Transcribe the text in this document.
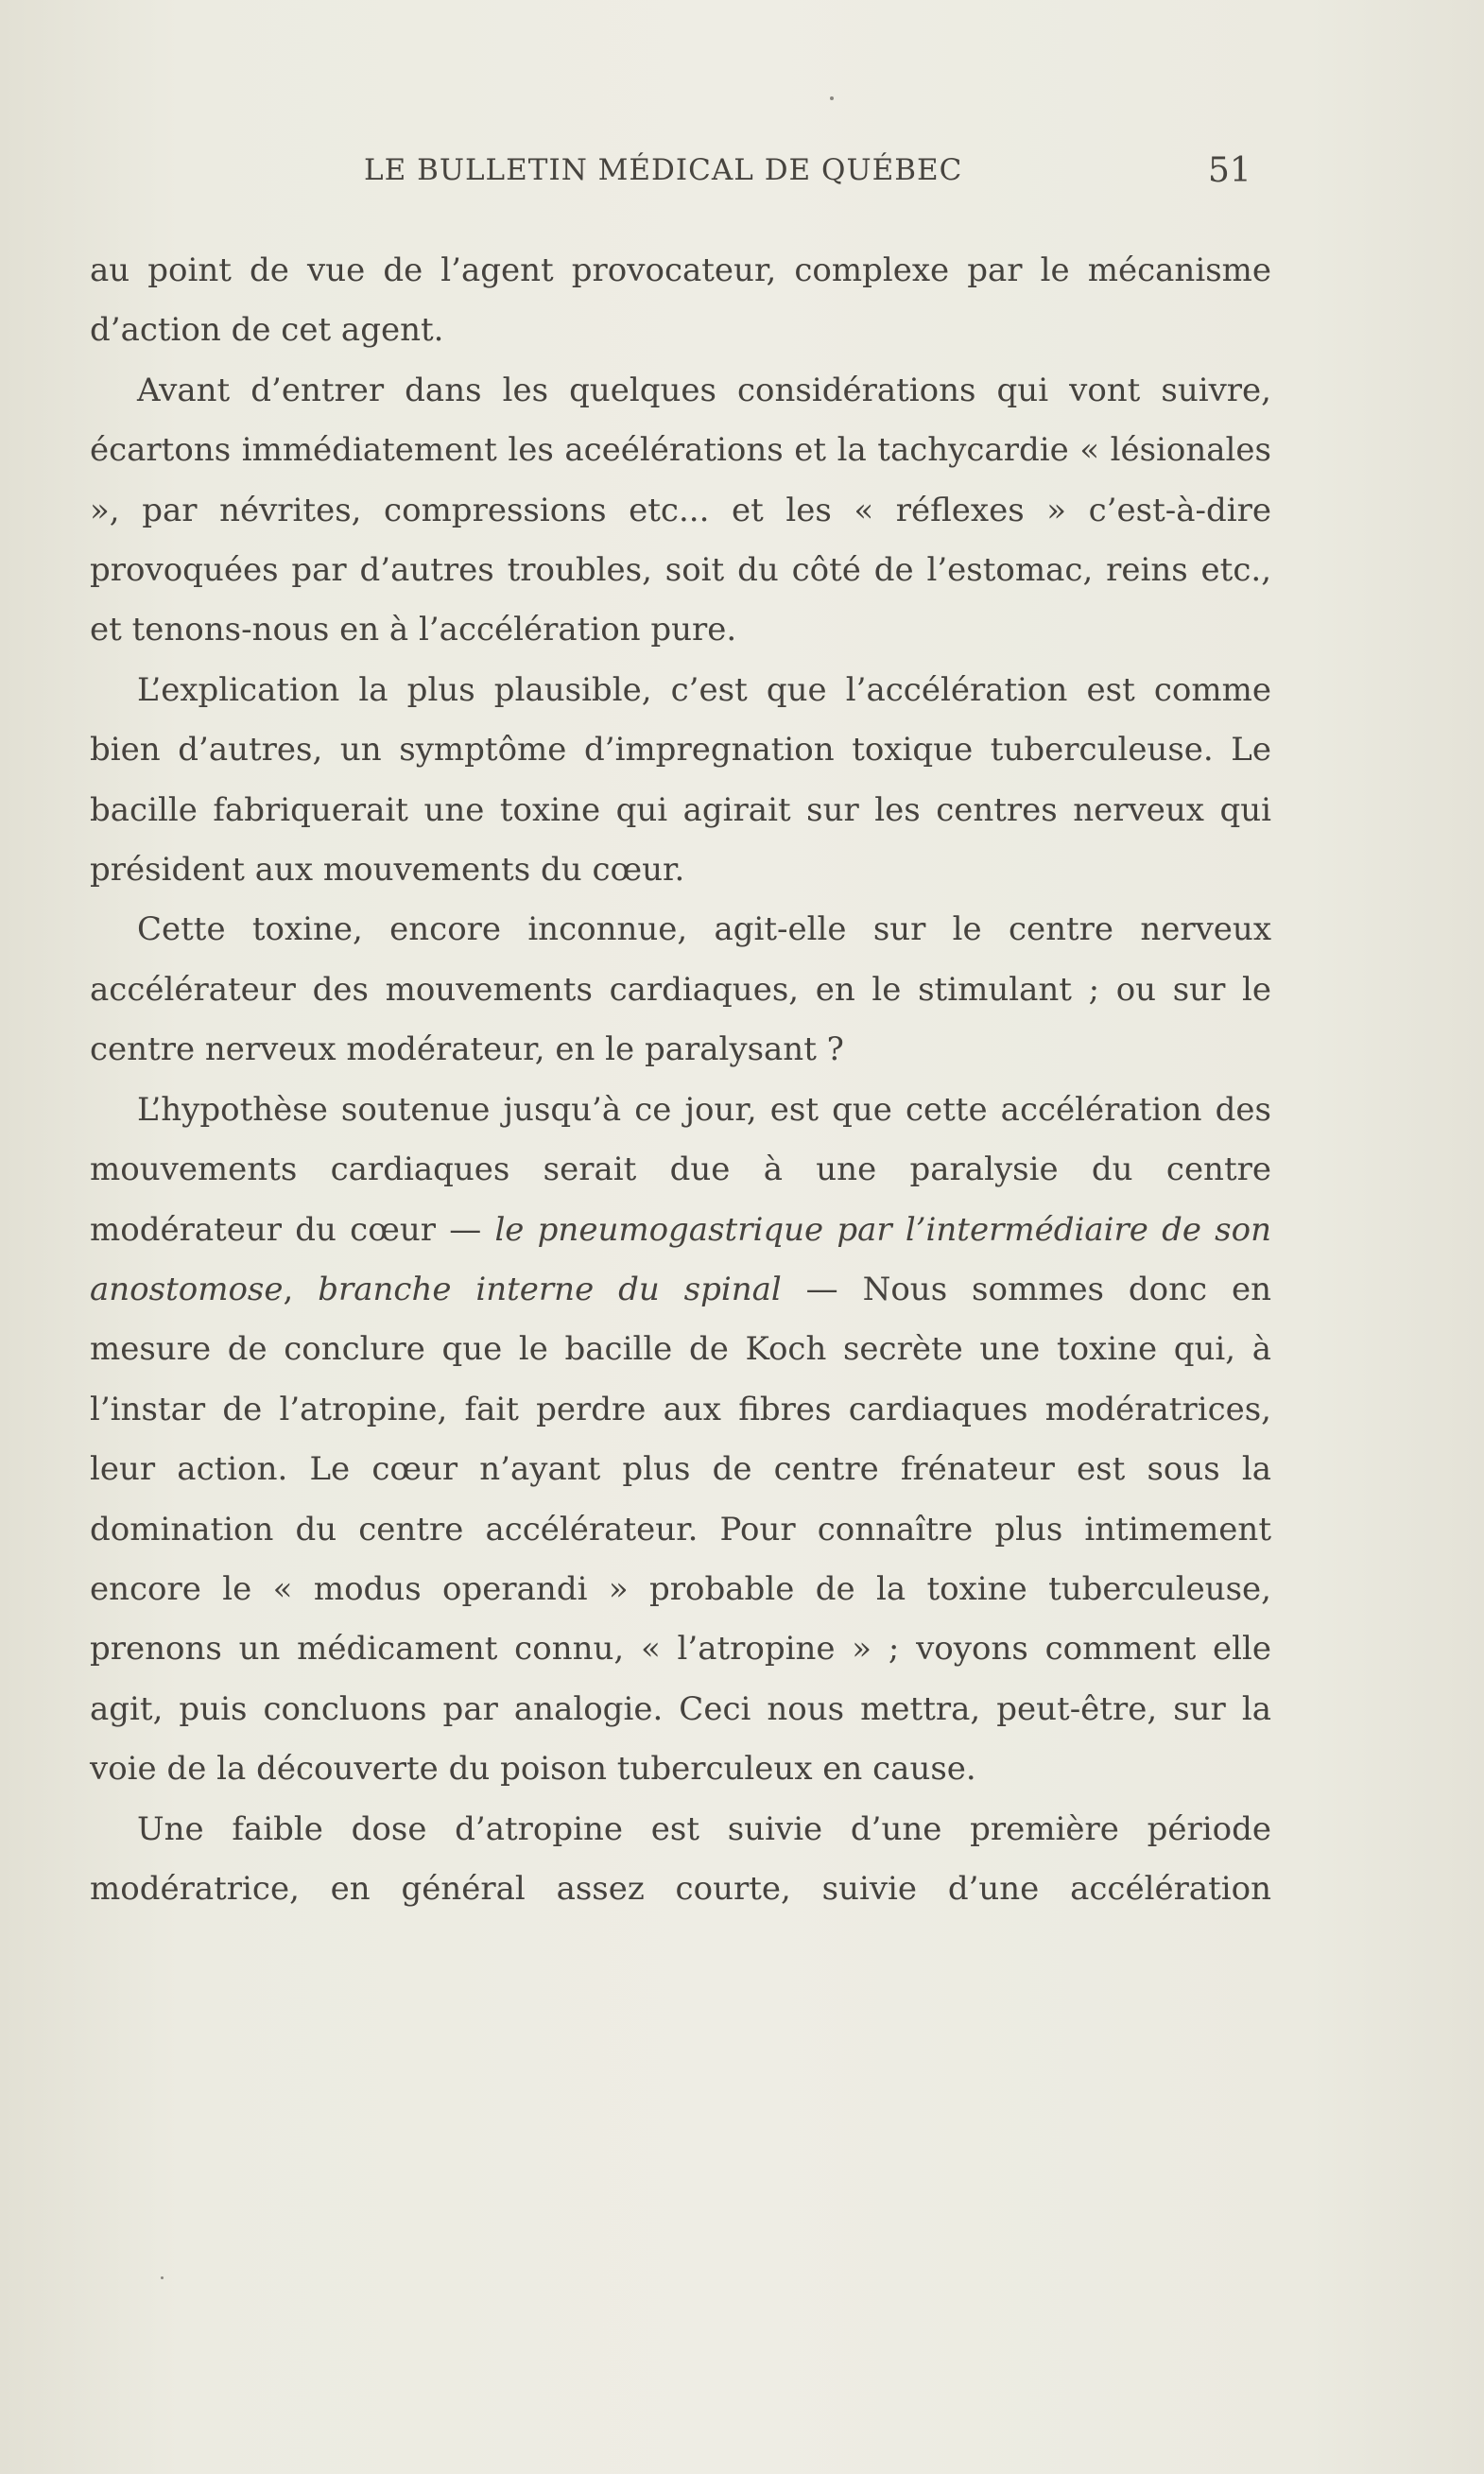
LE BULLETIN MÉDICAL DE QUÉBEC	51

au point de vue de l’agent provocateur, complexe par le mécanisme d’action de cet agent.

Avant d’entrer dans les quelques considérations qui vont suivre, écartons immédiatement les aceélérations et la tachycardie « lésionales », par névrites, compressions etc... et les « réflexes » c’est-à-dire provoquées par d’autres troubles, soit du côté de l’estomac, reins etc., et tenons-nous en à l’accélération pure.

L’explication la plus plausible, c’est que l’accélération est comme bien d’autres, un symptôme d’impregnation toxique tuberculeuse. Le bacille fabriquerait une toxine qui agirait sur les centres nerveux qui président aux mouvements du cœur.

Cette toxine, encore inconnue, agit-elle sur le centre nerveux accélérateur des mouvements cardiaques, en le stimulant ; ou sur le centre nerveux modérateur, en le paralysant ?

L’hypothèse soutenue jusqu’à ce jour, est que cette accélération des mouvements cardiaques serait due à une paralysie du centre modérateur du cœur — le pneumogastrique par l’intermédiaire de son anostomose, branche interne du spinal — Nous sommes donc en mesure de conclure que le bacille de Koch secrète une toxine qui, à l’instar de l’atropine, fait perdre aux fibres cardiaques modératrices, leur action. Le cœur n’ayant plus de centre frénateur est sous la domination du centre accélérateur. Pour connaître plus intimement encore le « modus operandi » probable de la toxine tuberculeuse, prenons un médicament connu, « l’atropine » ; voyons comment elle agit, puis concluons par analogie. Ceci nous mettra, peut-être, sur la voie de la découverte du poison tuberculeux en cause.

Une faible dose d’atropine est suivie d’une première période modératrice, en général assez courte, suivie d’une accélération
